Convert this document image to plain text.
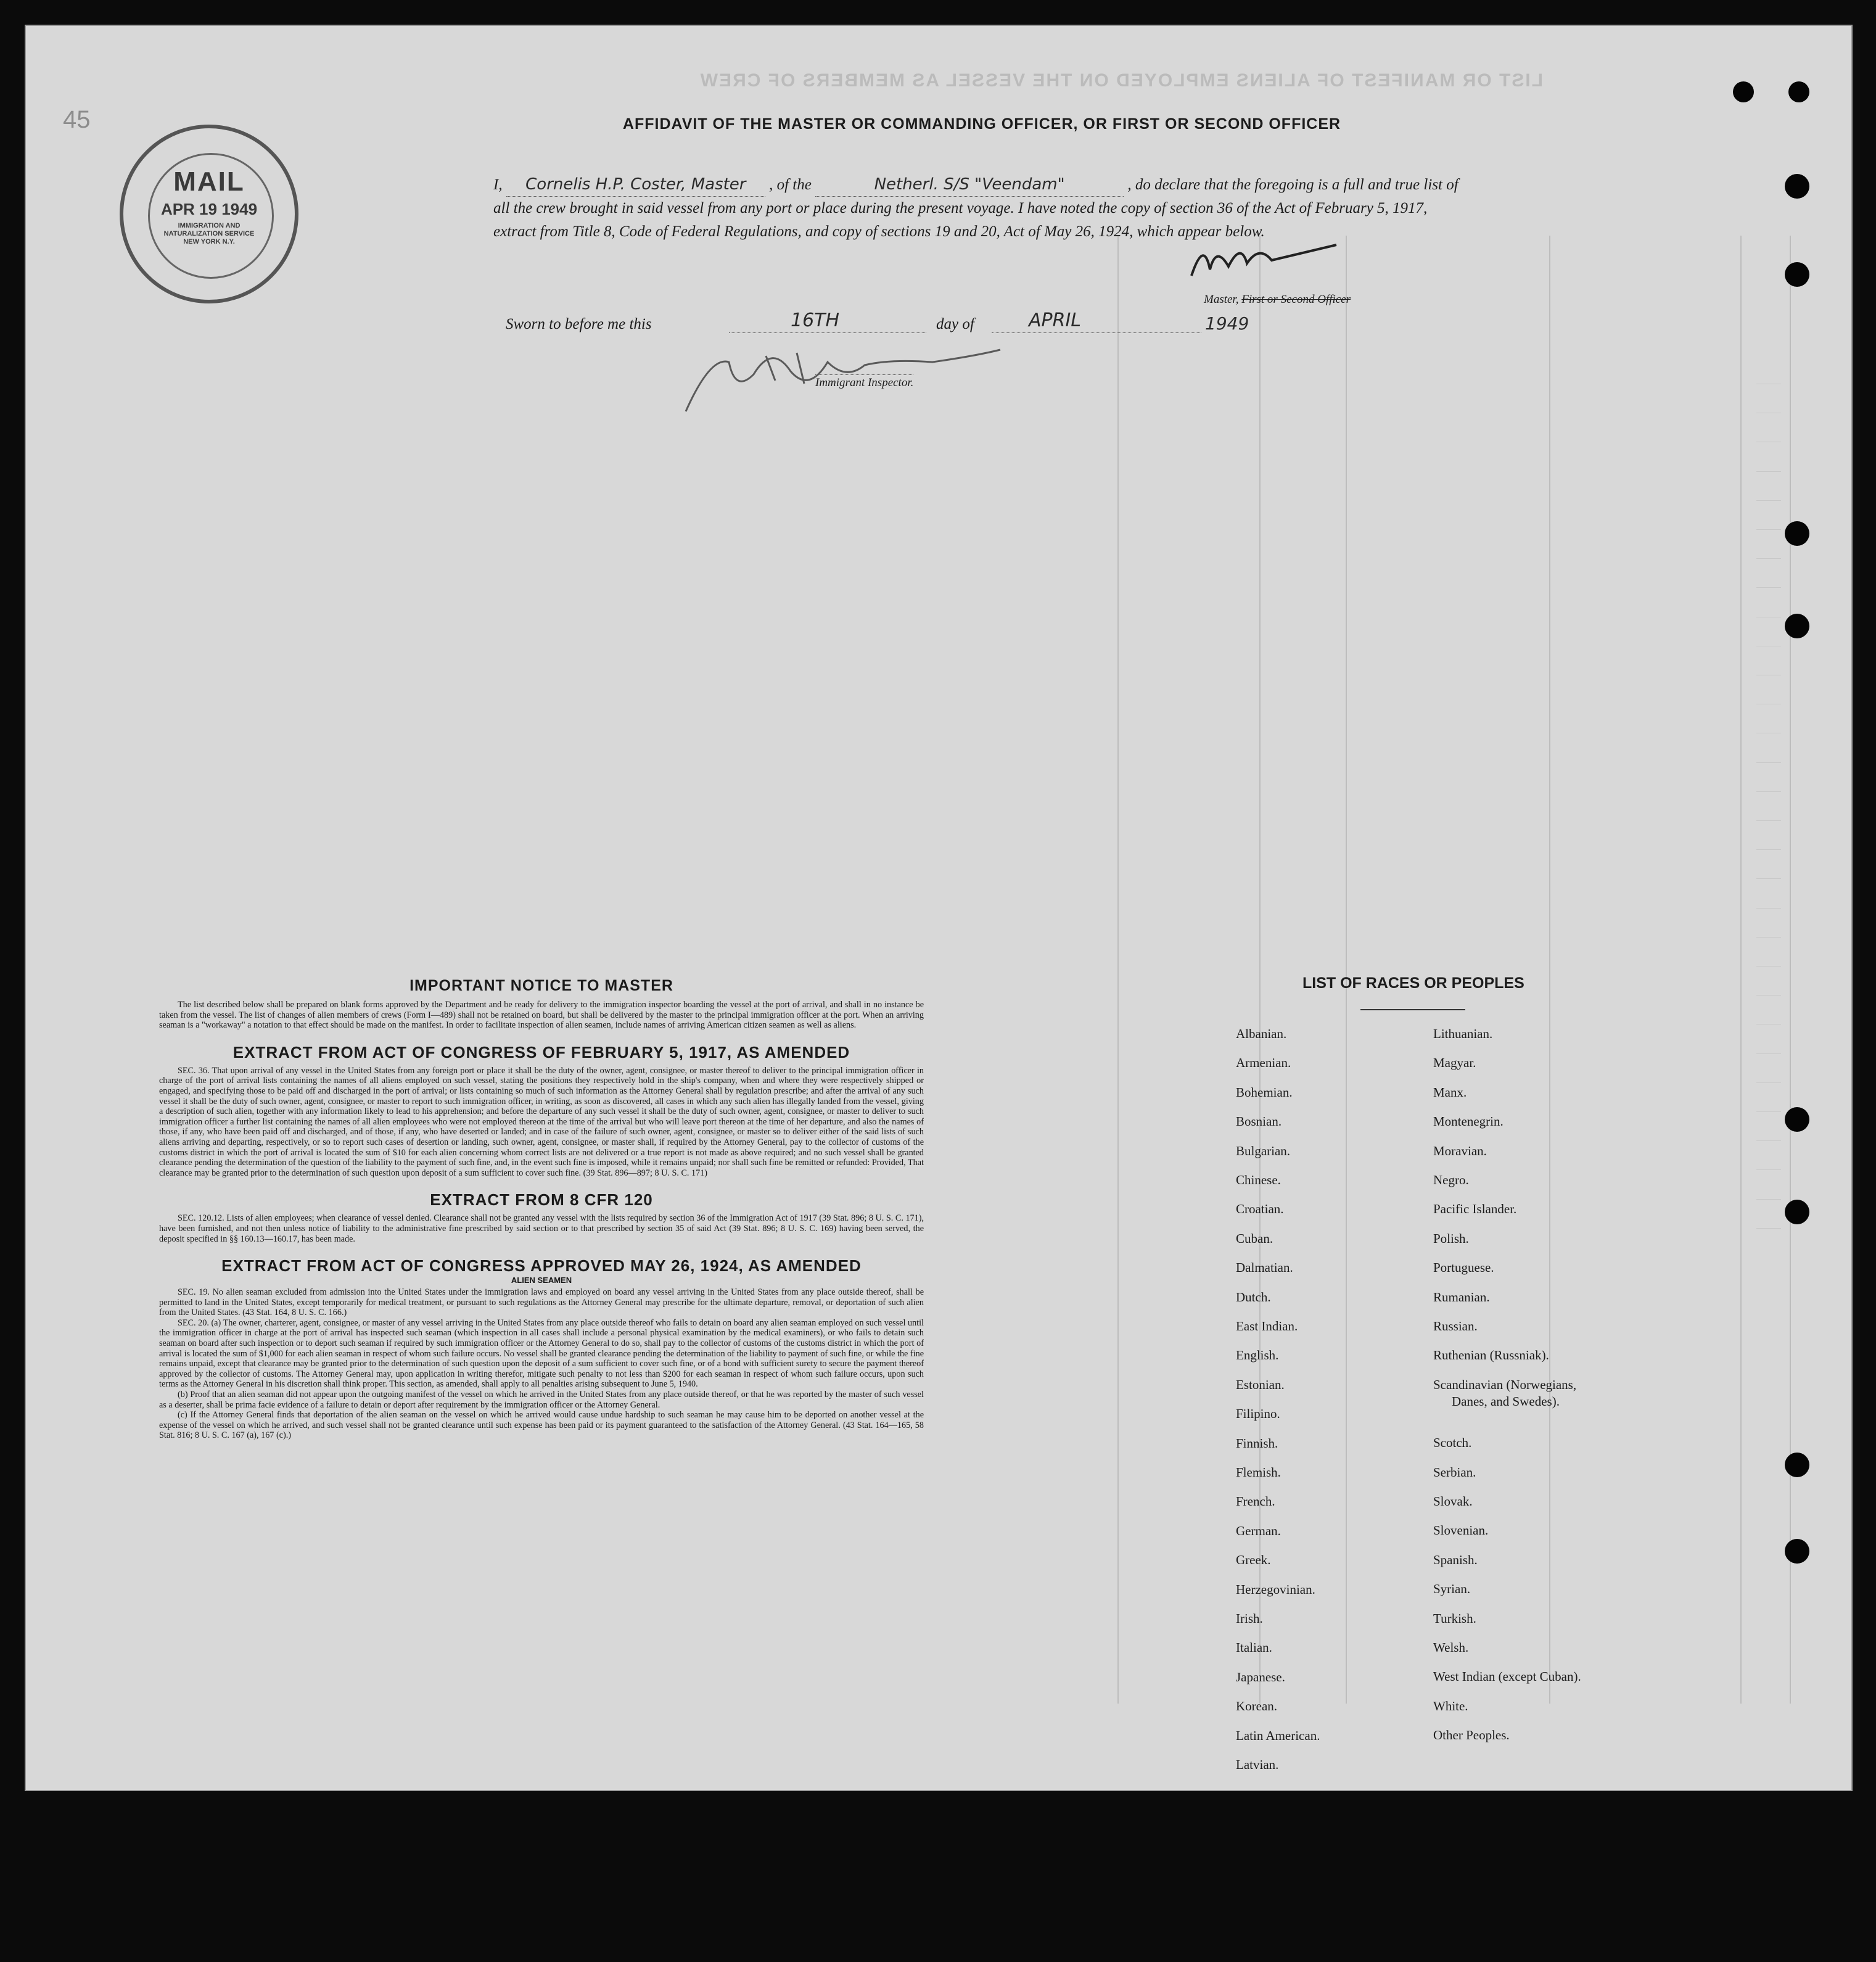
LIST OR MANIFEST OF ALIENS EMPLOYED ON THE VESSEL AS MEMBERS OF CREW
45
MAIL
APR 19 1949
IMMIGRATION AND NATURALIZATION SERVICE NEW YORK N.Y.
AFFIDAVIT OF THE MASTER OR COMMANDING OFFICER, OR FIRST OR SECOND OFFICER
I, Cornelis H.P. Coster, Master , of the	Netherl. S/S "Veendam"	, do declare that the foregoing is a full and true list of all the crew brought in said vessel from any port or place during the present voyage. I have noted the copy of section 36 of the Act of February 5, 1917, extract from Title 8, Code of Federal Regulations, and copy of sections 19 and 20, Act of May 26, 1924, which appear below.
Master, First or Second Officer
Sworn to before me this	16TH	day of	APRIL	1949
Immigrant Inspector.
IMPORTANT NOTICE TO MASTER

The list described below shall be prepared on blank forms approved by the Department and be ready for delivery to the immigration inspector boarding the vessel at the port of arrival, and shall in no instance be taken from the vessel. The list of changes of alien members of crews (Form I—489) shall not be retained on board, but shall be delivered by the master to the principal immigration officer at the port. When an arriving seaman is a "workaway" a notation to that effect should be made on the manifest. In order to facilitate inspection of alien seamen, include names of arriving American citizen seamen as well as aliens.

EXTRACT FROM ACT OF CONGRESS OF FEBRUARY 5, 1917, AS AMENDED

SEC. 36. That upon arrival of any vessel in the United States from any foreign port or place it shall be the duty of the owner, agent, consignee, or master thereof to deliver to the principal immigration officer in charge of the port of arrival lists containing the names of all aliens employed on such vessel, stating the positions they respectively hold in the ship's company, when and where they were respectively shipped or engaged, and specifying those to be paid off and discharged in the port of arrival; or lists containing so much of such information as the Attorney General shall by regulation prescribe; and after the arrival of any such vessel it shall be the duty of such owner, agent, consignee, or master to report to such immigration officer, in writing, as soon as discovered, all cases in which any such alien has illegally landed from the vessel, giving a description of such alien, together with any information likely to lead to his apprehension; and before the departure of any such vessel it shall be the duty of such owner, agent, consignee, or master to deliver to such immigration officer a further list containing the names of all alien employees who were not employed thereon at the time of the arrival but who will leave port thereon at the time of her departure, and also the names of those, if any, who have been paid off and discharged, and of those, if any, who have deserted or landed; and in case of the failure of such owner, agent, consignee, or master so to deliver either of the said lists of such aliens arriving and departing, respectively, or so to report such cases of desertion or landing, such owner, agent, consignee, or master shall, if required by the Attorney General, pay to the collector of customs of the customs district in which the port of arrival is located the sum of $10 for each alien concerning whom correct lists are not delivered or a true report is not made as above required; and no such vessel shall be granted clearance pending the determination of the question of the liability to the payment of such fine, and, in the event such fine is imposed, while it remains unpaid; nor shall such fine be remitted or refunded: Provided, That clearance may be granted prior to the determination of such question upon deposit of a sum sufficient to cover such fine. (39 Stat. 896—897; 8 U. S. C. 171)

EXTRACT FROM 8 CFR 120

SEC. 120.12. Lists of alien employees; when clearance of vessel denied. Clearance shall not be granted any vessel with the lists required by section 36 of the Immigration Act of 1917 (39 Stat. 896; 8 U. S. C. 171), have been furnished, and not then unless notice of liability to the administrative fine prescribed by said section or to that prescribed by section 35 of said Act (39 Stat. 896; 8 U. S. C. 169) having been served, the deposit specified in §§ 160.13—160.17, has been made.

EXTRACT FROM ACT OF CONGRESS APPROVED MAY 26, 1924, AS AMENDED
ALIEN SEAMEN

SEC. 19. No alien seaman excluded from admission into the United States under the immigration laws and employed on board any vessel arriving in the United States from any place outside thereof, shall be permitted to land in the United States, except temporarily for medical treatment, or pursuant to such regulations as the Attorney General may prescribe for the ultimate departure, removal, or deportation of such alien from the United States. (43 Stat. 164, 8 U. S. C. 166.)

SEC. 20. (a) The owner, charterer, agent, consignee, or master of any vessel arriving in the United States from any place outside thereof who fails to detain on board any alien seaman employed on such vessel until the immigration officer in charge at the port of arrival has inspected such seaman (which inspection in all cases shall include a personal physical examination by the medical examiners), or who fails to detain such seaman on board after such inspection or to deport such seaman if required by such immigration officer or the Attorney General to do so, shall pay to the collector of customs of the customs district in which the port of arrival is located the sum of $1,000 for each alien seaman in respect of whom such failure occurs. No vessel shall be granted clearance pending the determination of the liability to payment of such fine, or while the fine remains unpaid, except that clearance may be granted prior to the determination of such question upon the deposit of a sum sufficient to cover such fine, or of a bond with sufficient surety to secure the payment thereof approved by the collector of customs. The Attorney General may, upon application in writing therefor, mitigate such penalty to not less than $200 for each seaman in respect of whom such failure occurs, upon such terms as the Attorney General in his discretion shall think proper. This section, as amended, shall apply to all penalties arising subsequent to June 5, 1940.

(b) Proof that an alien seaman did not appear upon the outgoing manifest of the vessel on which he arrived in the United States from any place outside thereof, or that he was reported by the master of such vessel as a deserter, shall be prima facie evidence of a failure to detain or deport after requirement by the immigration officer or the Attorney General.

(c) If the Attorney General finds that deportation of the alien seaman on the vessel on which he arrived would cause undue hardship to such seaman he may cause him to be deported on another vessel at the expense of the vessel on which he arrived, and such vessel shall not be granted clearance until such expense has been paid or its payment guaranteed to the satisfaction of the Attorney General. (43 Stat. 164—165, 58 Stat. 816; 8 U. S. C. 167 (a), 167 (c).)

LIST OF RACES OR PEOPLES
Albanian.
Armenian.
Bohemian.
Bosnian.
Bulgarian.
Chinese.
Croatian.
Cuban.
Dalmatian.
Dutch.
East Indian.
English.
Estonian.
Filipino.
Finnish.
Flemish.
French.
German.
Greek.
Herzegovinian.
Irish.
Italian.
Japanese.
Korean.
Latin American.
Latvian.
Lithuanian.
Magyar.
Manx.
Montenegrin.
Moravian.
Negro.
Pacific Islander.
Polish.
Portuguese.
Rumanian.
Russian.
Ruthenian (Russniak).
Scandinavian (Norwegians,
Danes, and Swedes).
Scotch.
Serbian.
Slovak.
Slovenian.
Spanish.
Syrian.
Turkish.
Welsh.
West Indian (except Cuban).
White.
Other Peoples.
